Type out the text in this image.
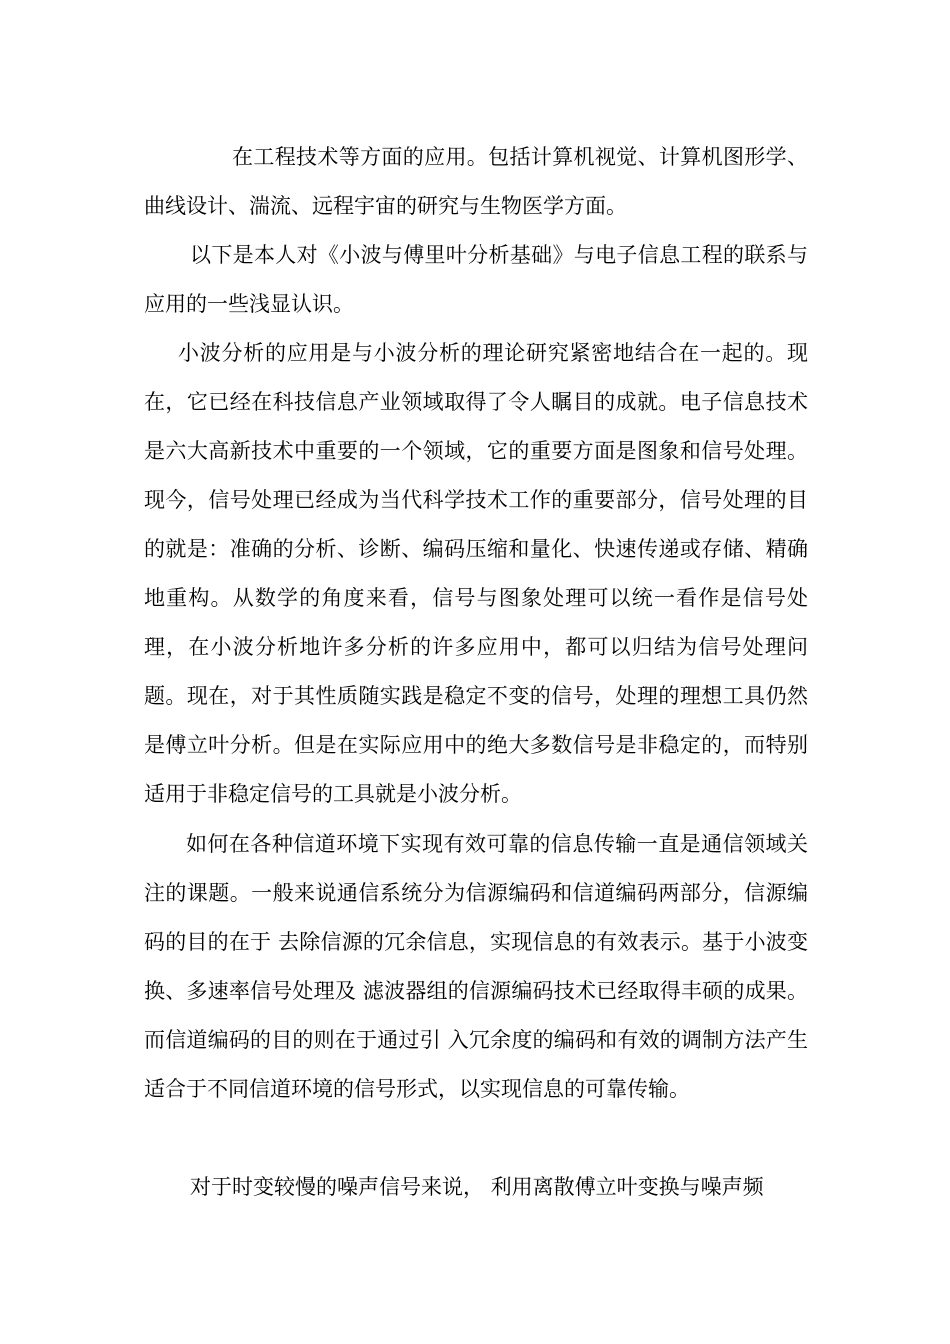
在工程技术等方面的应用。包括计算机视觉、计算机图形学、曲线设计、湍流、远程宇宙的研究与生物医学方面。

以下是本人对《小波与傅里叶分析基础》与电子信息工程的联系与应用的一些浅显认识。

小波分析的应用是与小波分析的理论研究紧密地结合在一起的。现在，它已经在科技信息产业领域取得了令人瞩目的成就。电子信息技术是六大高新技术中重要的一个领域，它的重要方面是图象和信号处理。现今，信号处理已经成为当代科学技术工作的重要部分，信号处理的目的就是：准确的分析、诊断、编码压缩和量化、快速传递或存储、精确地重构。从数学的角度来看，信号与图象处理可以统一看作是信号处理，在小波分析地许多分析的许多应用中，都可以归结为信号处理问题。现在，对于其性质随实践是稳定不变的信号，处理的理想工具仍然是傅立叶分析。但是在实际应用中的绝大多数信号是非稳定的，而特别适用于非稳定信号的工具就是小波分析。

如何在各种信道环境下实现有效可靠的信息传输一直是通信领域关注的课题。一般来说通信系统分为信源编码和信道编码两部分，信源编码的目的在于 去除信源的冗余信息，实现信息的有效表示。基于小波变换、多速率信号处理及 滤波器组的信源编码技术已经取得丰硕的成果。而信道编码的目的则在于通过引 入冗余度的编码和有效的调制方法产生适合于不同信道环境的信号形式，以实现信息的可靠传输。

对于时变较慢的噪声信号来说， 利用离散傅立叶变换与噪声频
